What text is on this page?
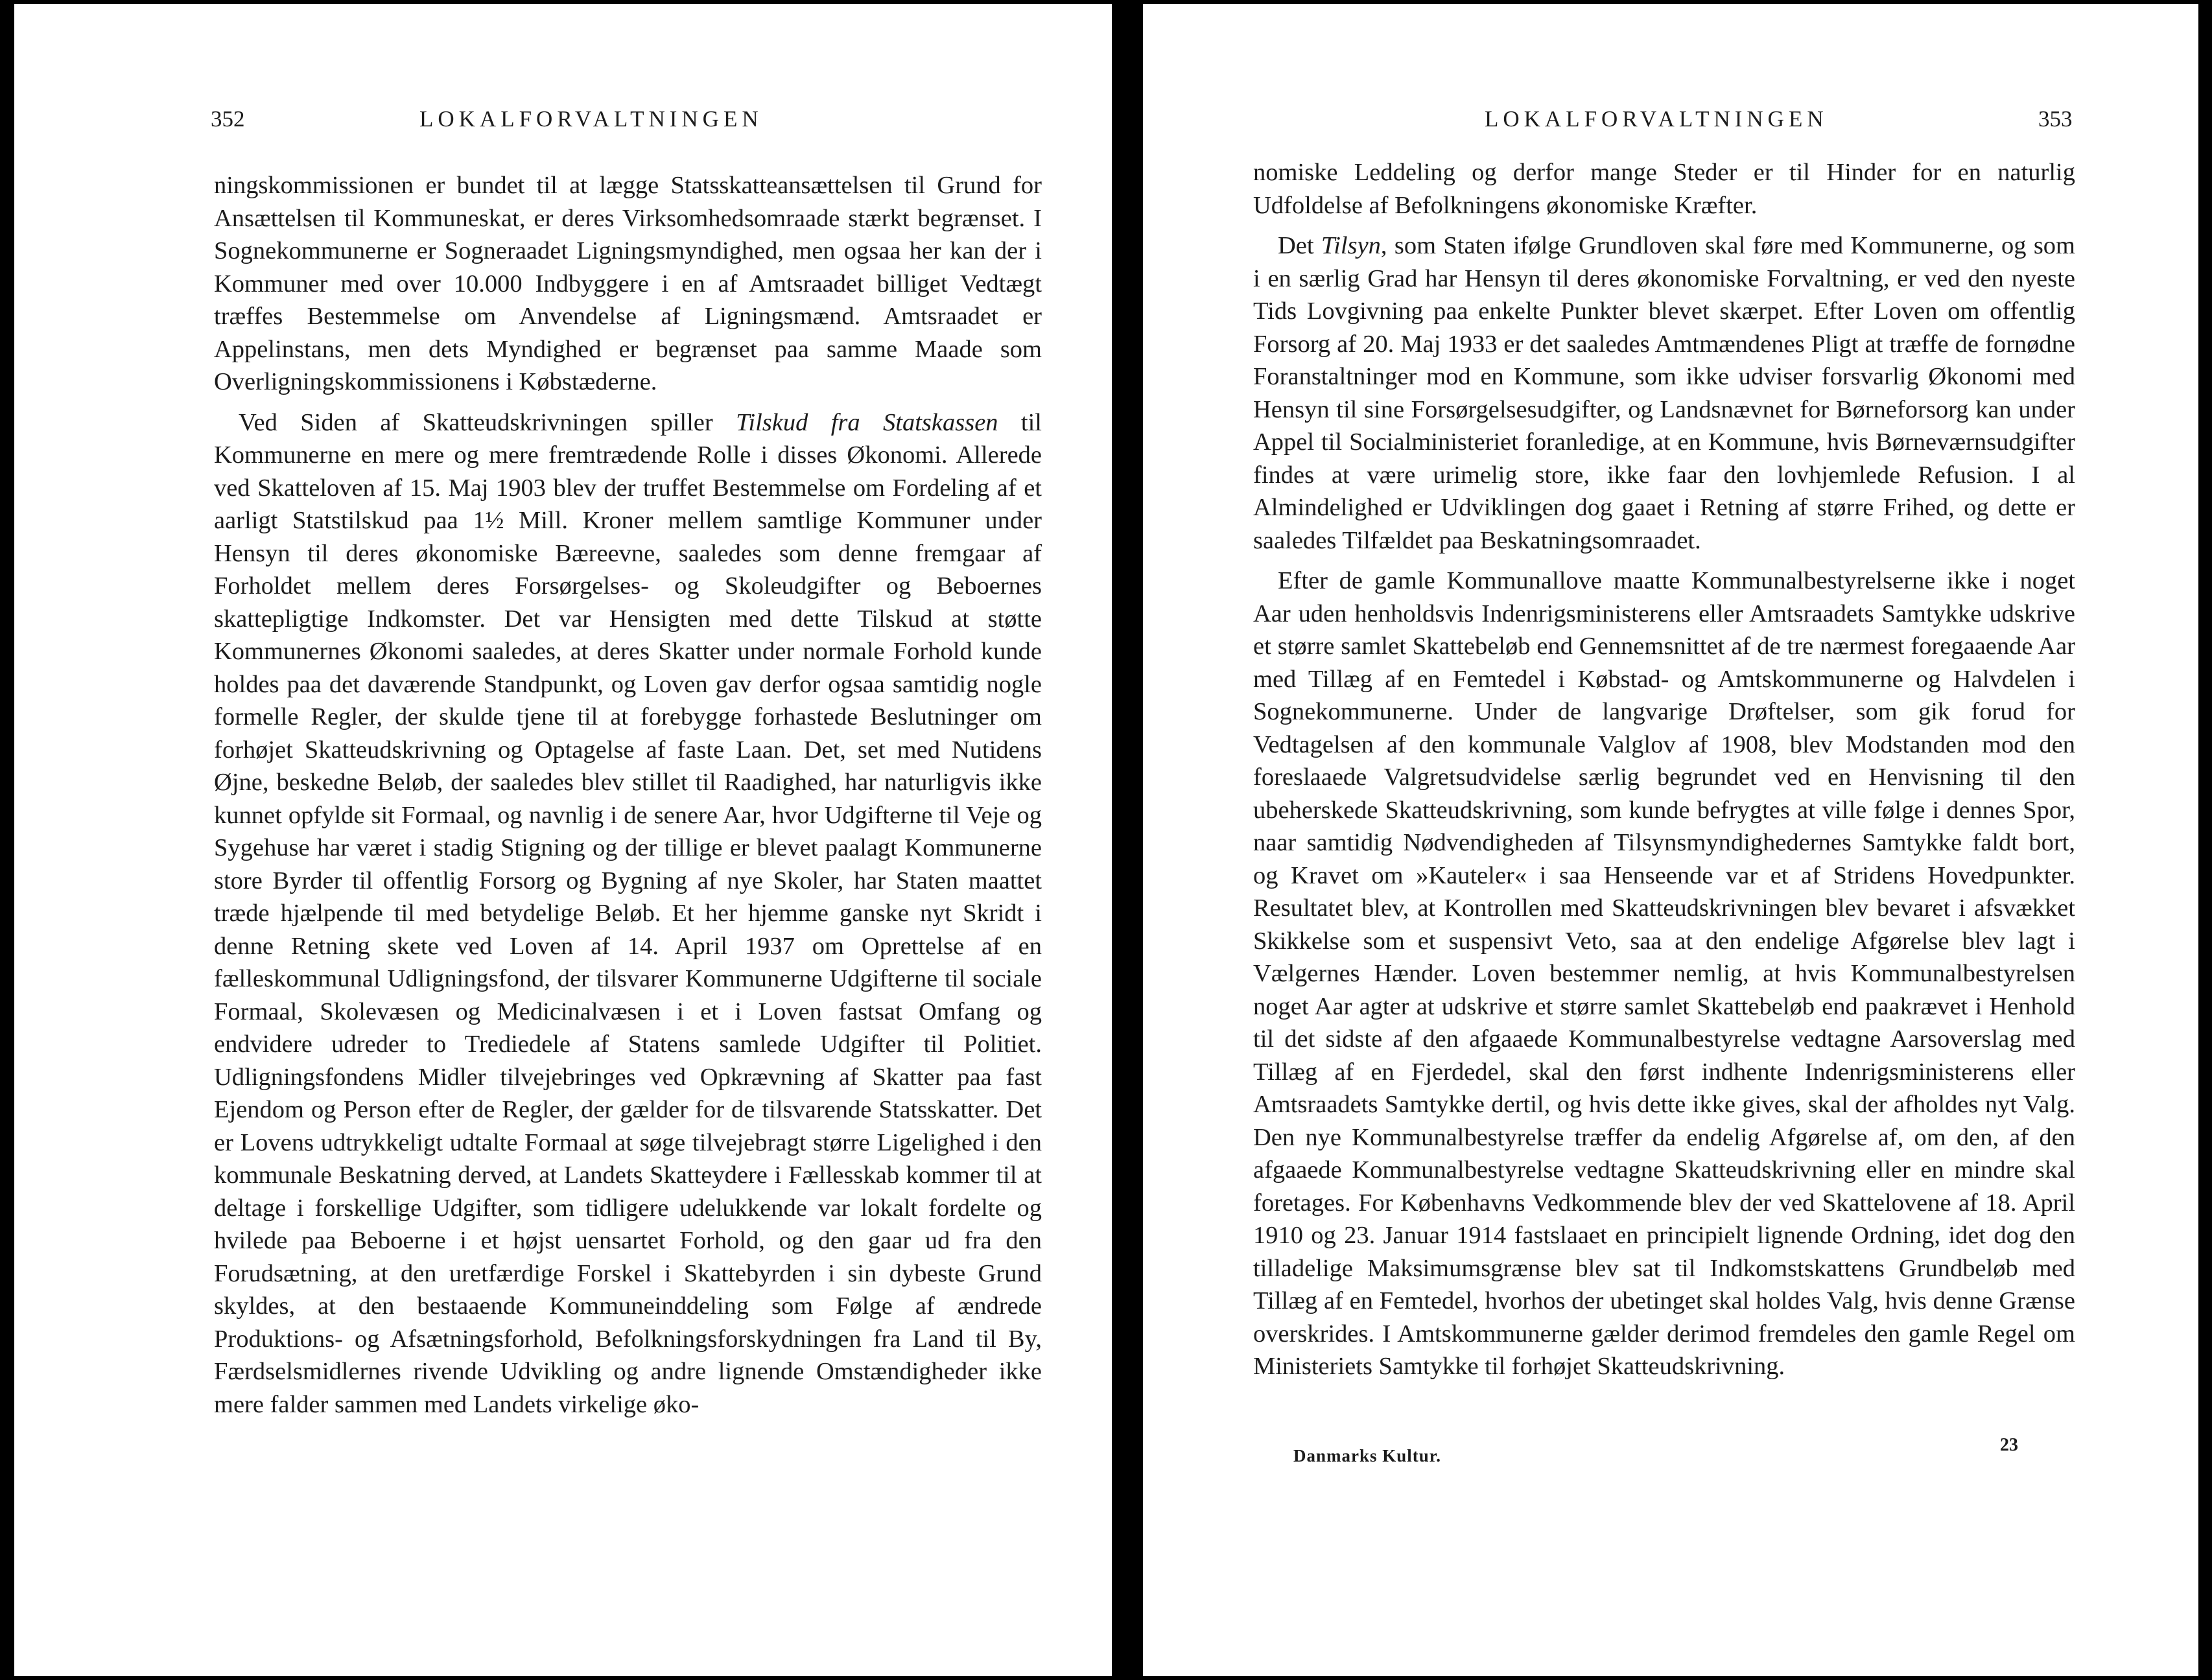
352	LOKALFORVALTNINGEN

ningskommissionen er bundet til at lægge Statsskatteansættelsen til Grund for Ansættelsen til Kommuneskat, er deres Virksomhedsomraade stærkt begrænset. I Sognekommunerne er Sogneraadet Ligningsmyndighed, men ogsaa her kan der i Kommuner med over 10.000 Indbyggere i en af Amtsraadet billiget Vedtægt træffes Bestemmelse om Anvendelse af Ligningsmænd. Amtsraadet er Appelinstans, men dets Myndighed er begrænset paa samme Maade som Overligningskommissionens i Købstæderne.

Ved Siden af Skatteudskrivningen spiller Tilskud fra Statskassen til Kommunerne en mere og mere fremtrædende Rolle i disses Økonomi. Allerede ved Skatteloven af 15. Maj 1903 blev der truffet Bestemmelse om Fordeling af et aarligt Statstilskud paa 1½ Mill. Kroner mellem samtlige Kommuner under Hensyn til deres økonomiske Bæreevne, saaledes som denne fremgaar af Forholdet mellem deres Forsørgelses- og Skoleudgifter og Beboernes skattepligtige Indkomster. Det var Hensigten med dette Tilskud at støtte Kommunernes Økonomi saaledes, at deres Skatter under normale Forhold kunde holdes paa det daværende Standpunkt, og Loven gav derfor ogsaa samtidig nogle formelle Regler, der skulde tjene til at forebygge forhastede Beslutninger om forhøjet Skatteudskrivning og Optagelse af faste Laan. Det, set med Nutidens Øjne, beskedne Beløb, der saaledes blev stillet til Raadighed, har naturligvis ikke kunnet opfylde sit Formaal, og navnlig i de senere Aar, hvor Udgifterne til Veje og Sygehuse har været i stadig Stigning og der tillige er blevet paalagt Kommunerne store Byrder til offentlig Forsorg og Bygning af nye Skoler, har Staten maattet træde hjælpende til med betydelige Beløb. Et her hjemme ganske nyt Skridt i denne Retning skete ved Loven af 14. April 1937 om Oprettelse af en fælleskommunal Udligningsfond, der tilsvarer Kommunerne Udgifterne til sociale Formaal, Skolevæsen og Medicinalvæsen i et i Loven fastsat Omfang og endvidere udreder to Trediedele af Statens samlede Udgifter til Politiet. Udligningsfondens Midler tilvejebringes ved Opkrævning af Skatter paa fast Ejendom og Person efter de Regler, der gælder for de tilsvarende Statsskatter. Det er Lovens udtrykkeligt udtalte Formaal at søge tilvejebragt større Ligelighed i den kommunale Beskatning derved, at Landets Skatteydere i Fællesskab kommer til at deltage i forskellige Udgifter, som tidligere udelukkende var lokalt fordelte og hvilede paa Beboerne i et højst uensartet Forhold, og den gaar ud fra den Forudsætning, at den uretfærdige Forskel i Skattebyrden i sin dybeste Grund skyldes, at den bestaaende Kommuneinddeling som Følge af ændrede Produktions- og Afsætningsforhold, Befolkningsforskydningen fra Land til By, Færdselsmidlernes rivende Udvikling og andre lignende Omstændigheder ikke mere falder sammen med Landets virkelige øko-

LOKALFORVALTNINGEN	353

nomiske Leddeling og derfor mange Steder er til Hinder for en naturlig Udfoldelse af Befolkningens økonomiske Kræfter.

Det Tilsyn, som Staten ifølge Grundloven skal føre med Kommunerne, og som i en særlig Grad har Hensyn til deres økonomiske Forvaltning, er ved den nyeste Tids Lovgivning paa enkelte Punkter blevet skærpet. Efter Loven om offentlig Forsorg af 20. Maj 1933 er det saaledes Amtmændenes Pligt at træffe de fornødne Foranstaltninger mod en Kommune, som ikke udviser forsvarlig Økonomi med Hensyn til sine Forsørgelsesudgifter, og Landsnævnet for Børneforsorg kan under Appel til Socialministeriet foranledige, at en Kommune, hvis Børneværnsudgifter findes at være urimelig store, ikke faar den lovhjemlede Refusion. I al Almindelighed er Udviklingen dog gaaet i Retning af større Frihed, og dette er saaledes Tilfældet paa Beskatningsomraadet.

Efter de gamle Kommunallove maatte Kommunalbestyrelserne ikke i noget Aar uden henholdsvis Indenrigsministerens eller Amtsraadets Samtykke udskrive et større samlet Skattebeløb end Gennemsnittet af de tre nærmest foregaaende Aar med Tillæg af en Femtedel i Købstad- og Amtskommunerne og Halvdelen i Sognekommunerne. Under de langvarige Drøftelser, som gik forud for Vedtagelsen af den kommunale Valglov af 1908, blev Modstanden mod den foreslaaede Valgretsudvidelse særlig begrundet ved en Henvisning til den ubeherskede Skatteudskrivning, som kunde befrygtes at ville følge i dennes Spor, naar samtidig Nødvendigheden af Tilsynsmyndighedernes Samtykke faldt bort, og Kravet om »Kauteler« i saa Henseende var et af Stridens Hovedpunkter. Resultatet blev, at Kontrollen med Skatteudskrivningen blev bevaret i afsvækket Skikkelse som et suspensivt Veto, saa at den endelige Afgørelse blev lagt i Vælgernes Hænder. Loven bestemmer nemlig, at hvis Kommunalbestyrelsen noget Aar agter at udskrive et større samlet Skattebeløb end paakrævet i Henhold til det sidste af den afgaaede Kommunalbestyrelse vedtagne Aarsoverslag med Tillæg af en Fjerdedel, skal den først indhente Indenrigsministerens eller Amtsraadets Samtykke dertil, og hvis dette ikke gives, skal der afholdes nyt Valg. Den nye Kommunalbestyrelse træffer da endelig Afgørelse af, om den, af den afgaaede Kommunalbestyrelse vedtagne Skatteudskrivning eller en mindre skal foretages. For Københavns Vedkommende blev der ved Skattelovene af 18. April 1910 og 23. Januar 1914 fastslaaet en principielt lignende Ordning, idet dog den tilladelige Maksimumsgrænse blev sat til Indkomstskattens Grundbeløb med Tillæg af en Femtedel, hvorhos der ubetinget skal holdes Valg, hvis denne Grænse overskrides. I Amtskommunerne gælder derimod fremdeles den gamle Regel om Ministeriets Samtykke til forhøjet Skatteudskrivning.

Danmarks Kultur.
23
